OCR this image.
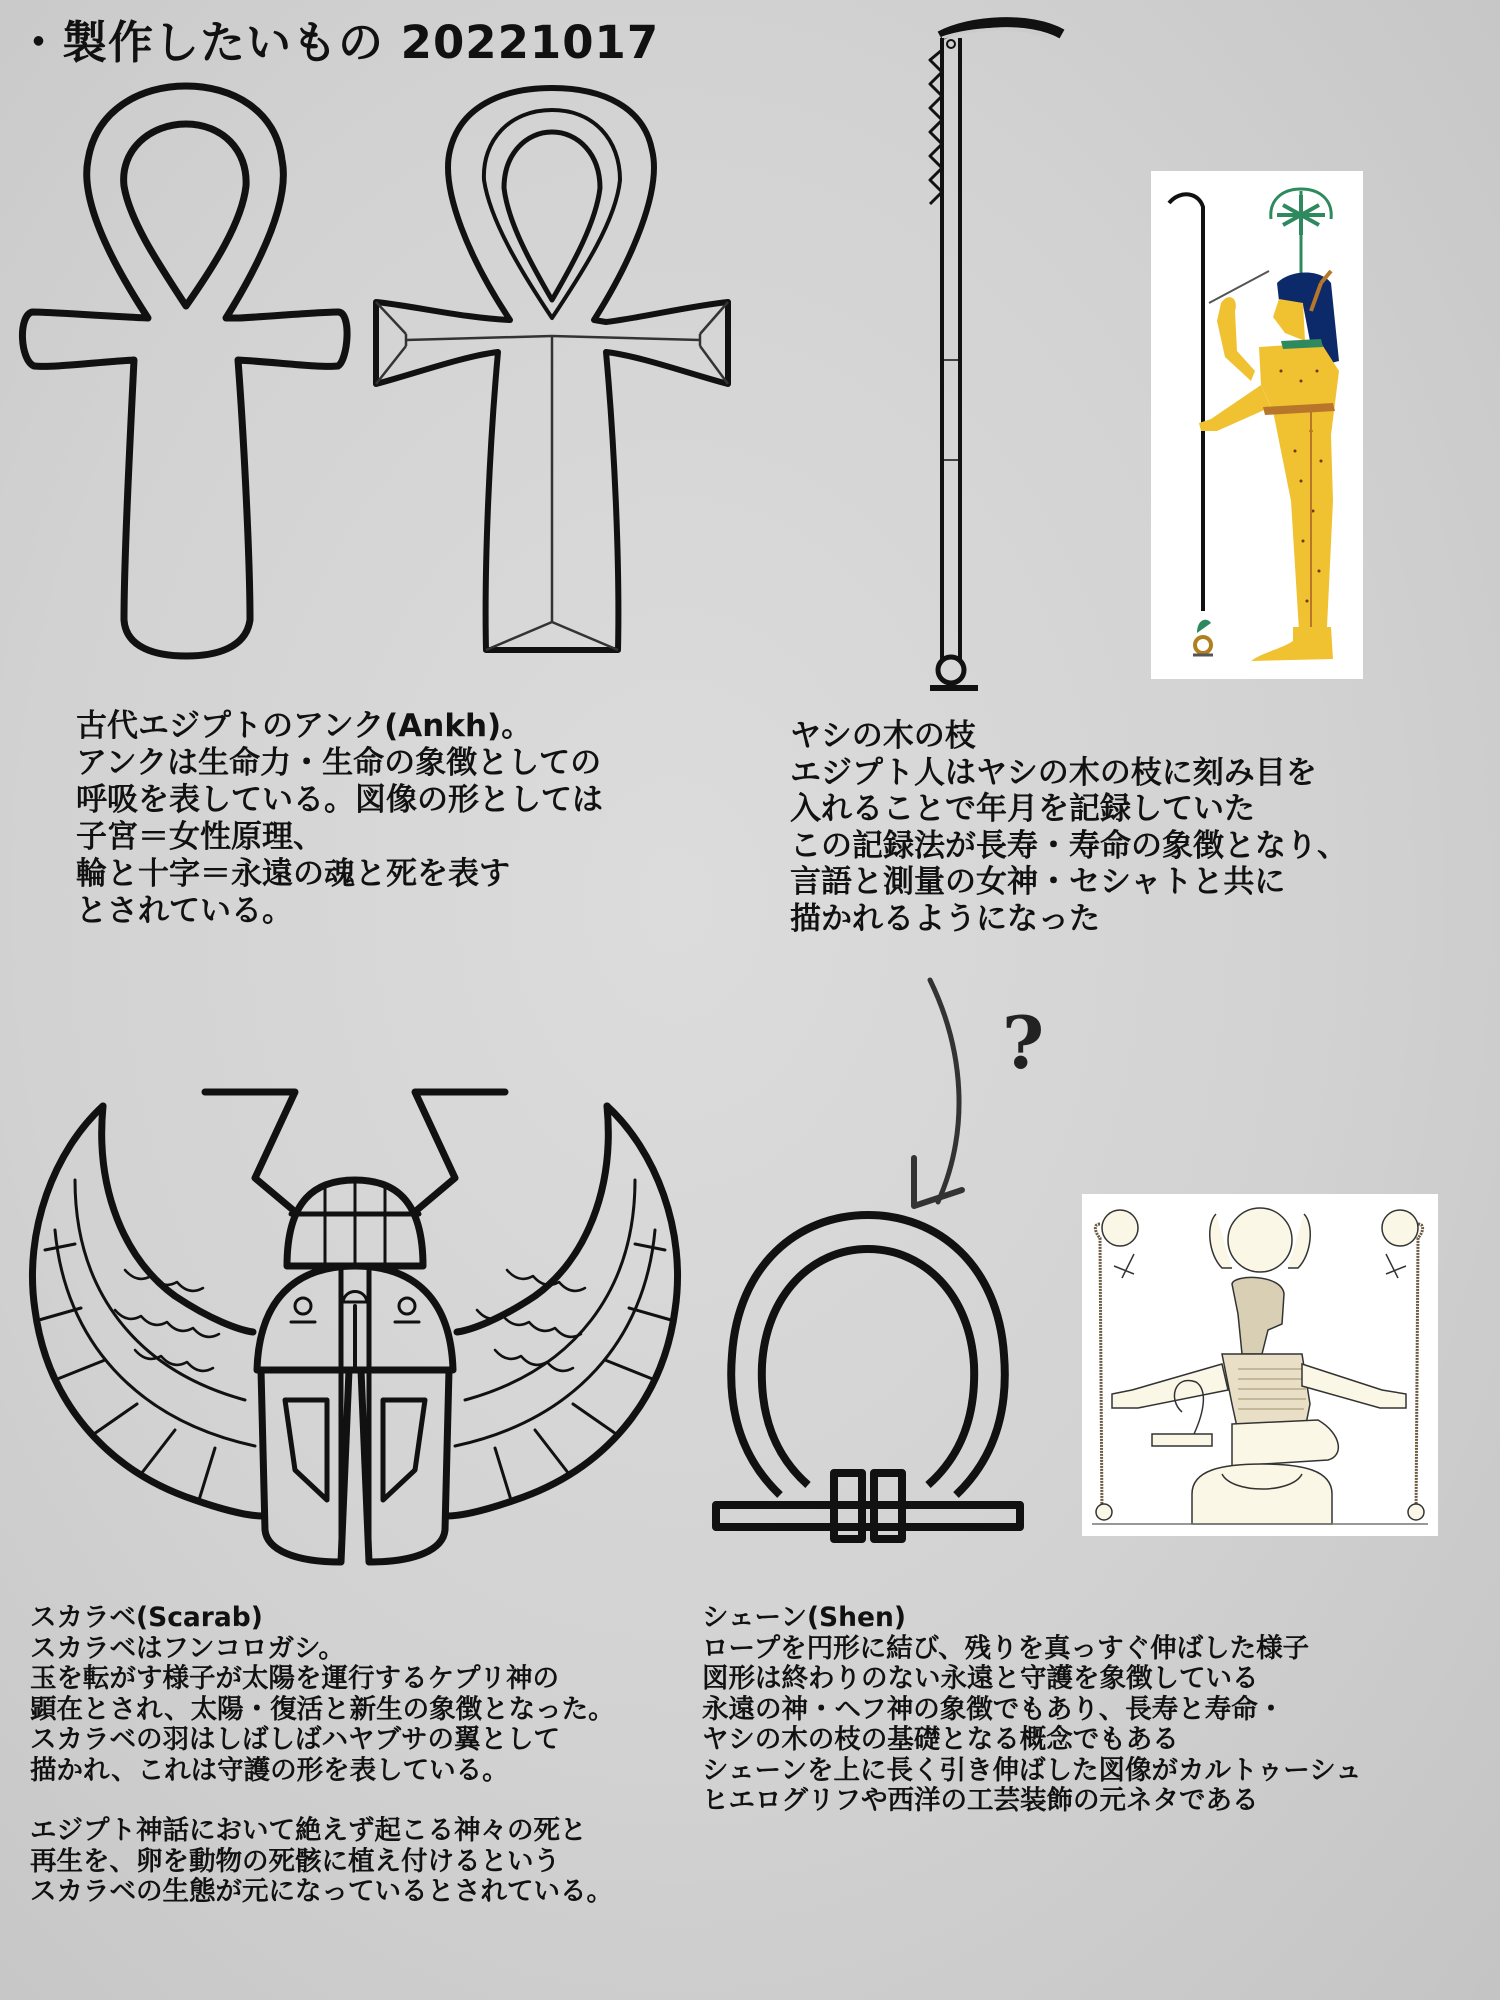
・製作したいもの 20221017
古代エジプトのアンク(Ankh)。
アンクは生命力・生命の象徴としての
呼吸を表している。図像の形としては
子宮＝女性原理、
輪と十字＝永遠の魂と死を表す
とされている。
ヤシの木の枝
エジプト人はヤシの木の枝に刻み目を
入れることで年月を記録していた
この記録法が長寿・寿命の象徴となり、
言語と測量の女神・セシャトと共に
描かれるようになった
?
スカラベ(Scarab)
スカラベはフンコロガシ。
玉を転がす様子が太陽を運行するケプリ神の
顕在とされ、太陽・復活と新生の象徴となった。
スカラベの羽はしばしばハヤブサの翼として
描かれ、これは守護の形を表している。
エジプト神話において絶えず起こる神々の死と
再生を、卵を動物の死骸に植え付けるという
スカラベの生態が元になっているとされている。
シェーン(Shen)
ロープを円形に結び、残りを真っすぐ伸ばした様子
図形は終わりのない永遠と守護を象徴している
永遠の神・ヘフ神の象徴でもあり、長寿と寿命・
ヤシの木の枝の基礎となる概念でもある
シェーンを上に長く引き伸ばした図像がカルトゥーシュ
ヒエログリフや西洋の工芸装飾の元ネタである
